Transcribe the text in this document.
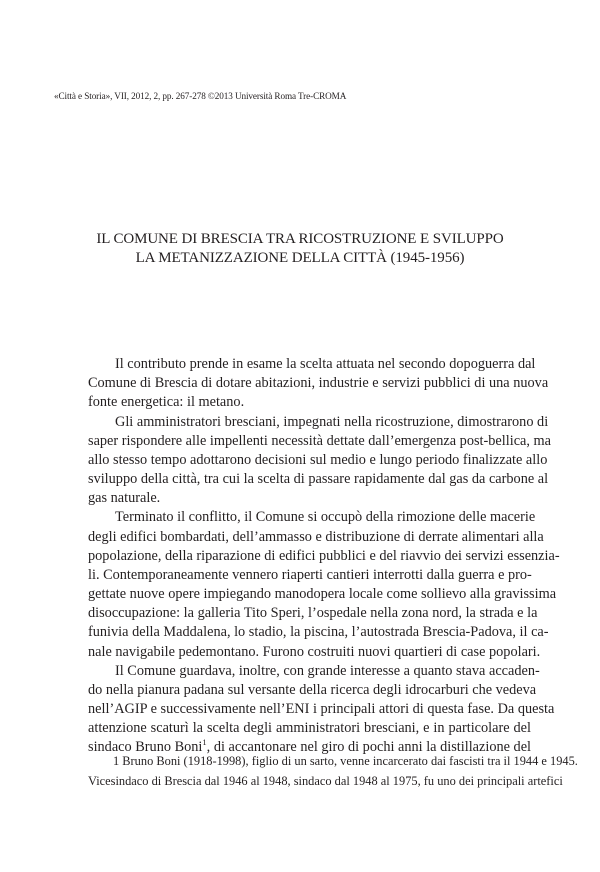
«Città e Storia», VII, 2012, 2, pp. 267-278 ©2013 Università Roma Tre-CROMA
IL COMUNE DI BRESCIA TRA RICOSTRUZIONE E SVILUPPO
LA METANIZZAZIONE DELLA CITTÀ (1945-1956)
Il contributo prende in esame la scelta attuata nel secondo dopoguerra dal
Comune di Brescia di dotare abitazioni, industrie e servizi pubblici di una nuova
fonte energetica: il metano.
Gli amministratori bresciani, impegnati nella ricostruzione, dimostrarono di
saper rispondere alle impellenti necessità dettate dall’emergenza post-bellica, ma
allo stesso tempo adottarono decisioni sul medio e lungo periodo finalizzate allo
sviluppo della città, tra cui la scelta di passare rapidamente dal gas da carbone al
gas naturale.
Terminato il conflitto, il Comune si occupò della rimozione delle macerie
degli edifici bombardati, dell’ammasso e distribuzione di derrate alimentari alla
popolazione, della riparazione di edifici pubblici e del riavvio dei servizi essenzia-
li. Contemporaneamente vennero riaperti cantieri interrotti dalla guerra e pro-
gettate nuove opere impiegando manodopera locale come sollievo alla gravissima
disoccupazione: la galleria Tito Speri, l’ospedale nella zona nord, la strada e la
funivia della Maddalena, lo stadio, la piscina, l’autostrada Brescia-Padova, il ca-
nale navigabile pedemontano. Furono costruiti nuovi quartieri di case popolari.
Il Comune guardava, inoltre, con grande interesse a quanto stava accaden-
do nella pianura padana sul versante della ricerca degli idrocarburi che vedeva
nell’AGIP e successivamente nell’ENI i principali attori di questa fase. Da questa
attenzione scaturì la scelta degli amministratori bresciani, e in particolare del
sindaco Bruno Boni$^1$, di accantonare nel giro di pochi anni la distillazione del
1 Bruno Boni (1918-1998), figlio di un sarto, venne incarcerato dai fascisti tra il 1944 e 1945.
Vicesindaco di Brescia dal 1946 al 1948, sindaco dal 1948 al 1975, fu uno dei principali artefici
